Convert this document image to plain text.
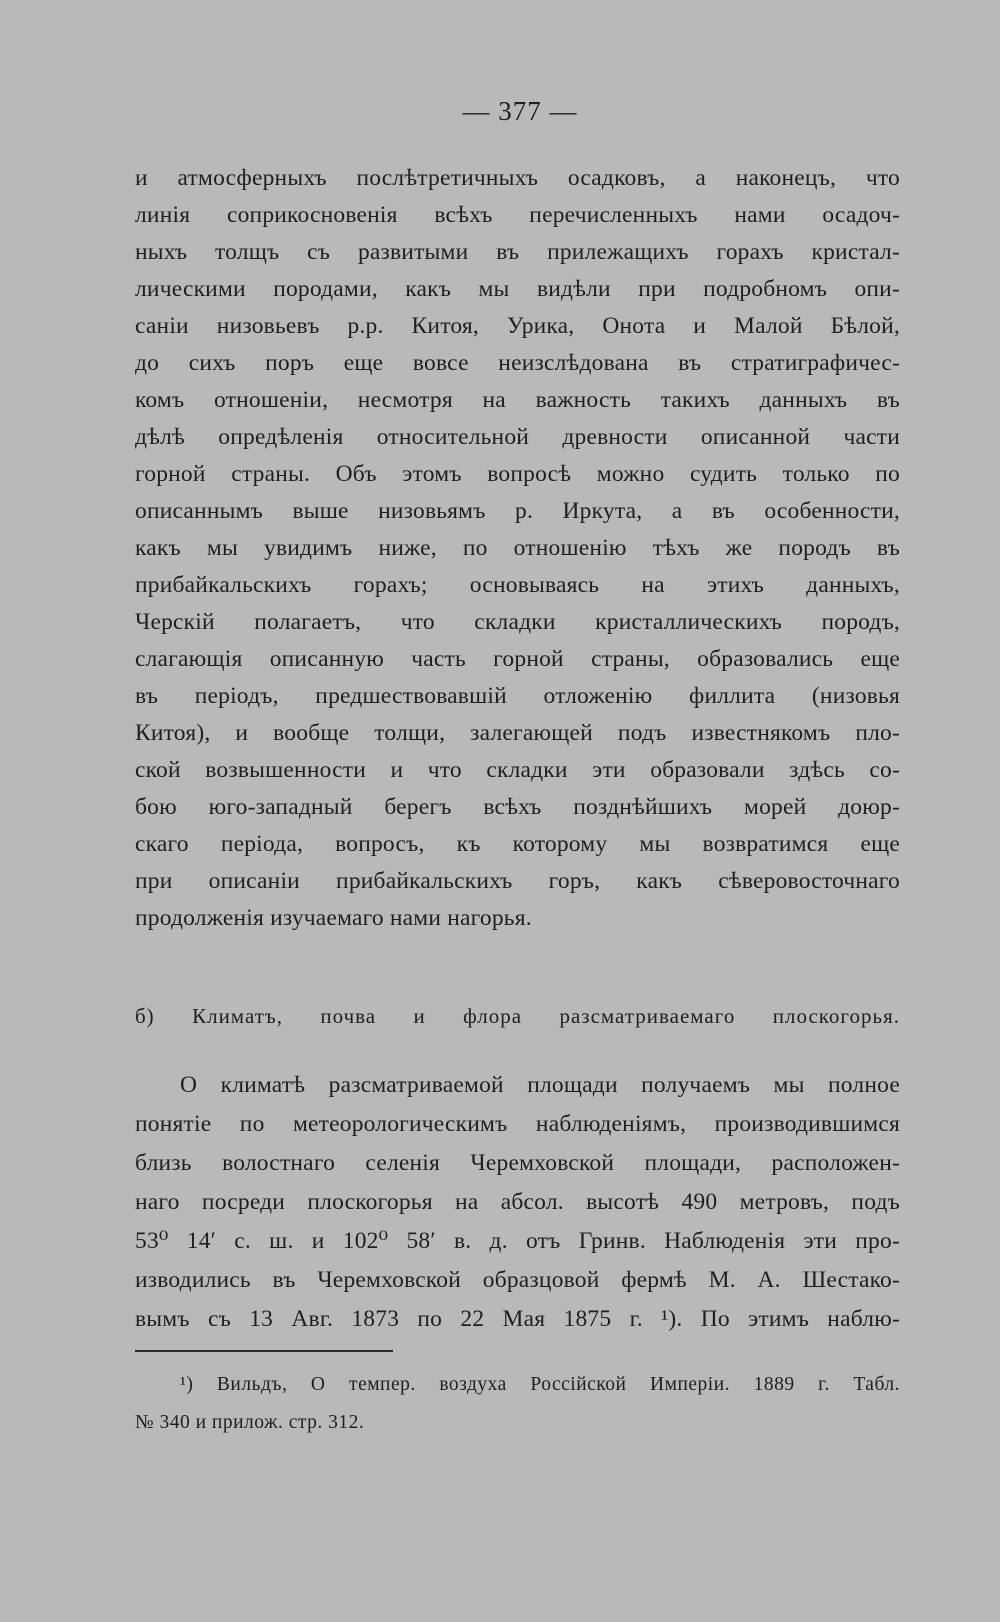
— 377 —
и атмосферныхъ послѣтретичныхъ осадковъ, а наконецъ, что
линія соприкосновенія всѣхъ перечисленныхъ нами осадоч-
ныхъ толщъ съ развитыми въ прилежащихъ горахъ кристал-
лическими породами, какъ мы видѣли при подробномъ опи-
саніи низовьевъ р.р. Китоя, Урика, Онота и Малой Бѣлой,
до сихъ поръ еще вовсе неизслѣдована въ стратиграфичес-
комъ отношеніи, несмотря на важность такихъ данныхъ въ
дѣлѣ опредѣленія относительной древности описанной части
горной страны. Объ этомъ вопросѣ можно судить только по
описаннымъ выше низовьямъ р. Иркута, а въ особенности,
какъ мы увидимъ ниже, по отношенію тѣхъ же породъ въ
прибайкальскихъ горахъ; основываясь на этихъ данныхъ,
Черскій полагаетъ, что складки кристаллическихъ породъ,
слагающія описанную часть горной страны, образовались еще
въ періодъ, предшествовавшій отложенію филлита (низовья
Китоя), и вообще толщи, залегающей подъ известнякомъ пло-
ской возвышенности и что складки эти образовали здѣсь со-
бою юго-западный берегъ всѣхъ позднѣйшихъ морей доюр-
скаго періода, вопросъ, къ которому мы возвратимся еще
при описаніи прибайкальскихъ горъ, какъ сѣверовосточнаго
продолженія изучаемаго нами нагорья.
б) Климатъ, почва и флора разсматриваемаго плоскогорья.
О климатѣ разсматриваемой площади получаемъ мы полное
понятіе по метеорологическимъ наблюденіямъ, производившимся
близь волостнаго селенія Черемховской площади, расположен-
наго посреди плоскогорья на абсол. высотѣ 490 метровъ, подъ
53⁰ 14′ с. ш. и 102⁰ 58′ в. д. отъ Гринв. Наблюденія эти про-
изводились въ Черемховской образцовой фермѣ М. А. Шестако-
вымъ съ 13 Авг. 1873 по 22 Мая 1875 г. ¹). По этимъ наблю-
¹) Вильдъ, О темпер. воздуха Россійской Имперіи. 1889 г. Табл.
№ 340 и прилож. стр. 312.
